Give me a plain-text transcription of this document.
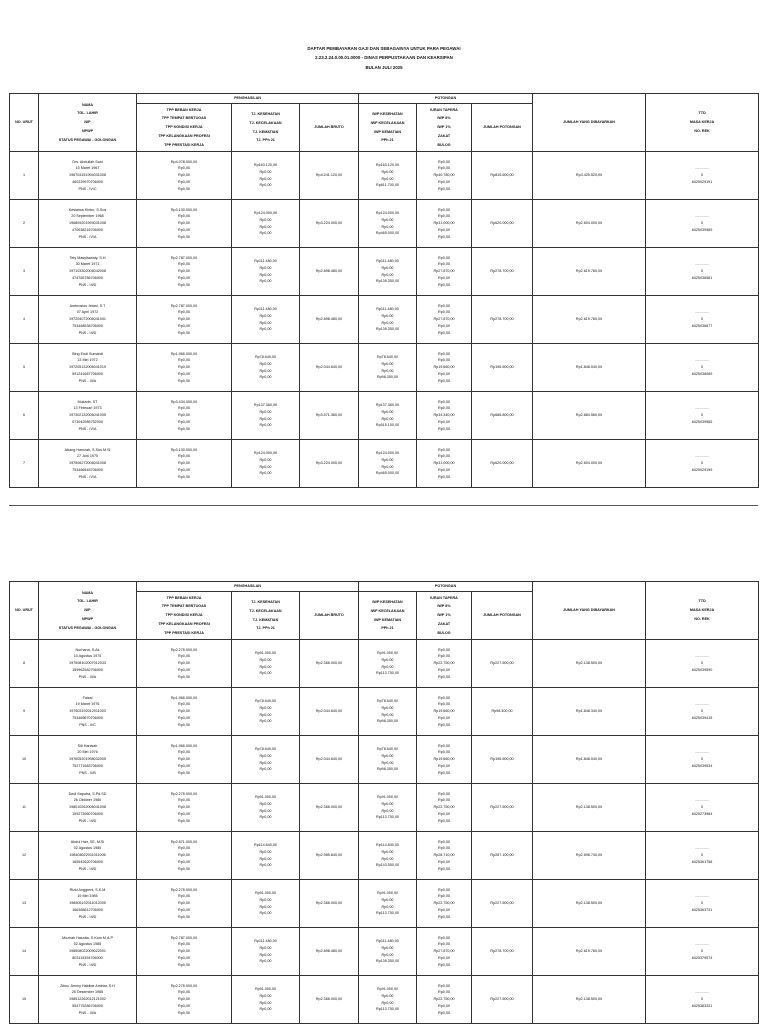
DAFTAR PEMBAYARAN GAJI DAN SEBAGAINYA UNTUK PARA PEGAWAI
2.23.2.24.0.00.01.0000 - DINAS PERPUSTAKAAN DAN KEARSIPAN
BULAN JULI 2025
NO. URUT	NAMA
TGL. LAHIR
NIP
NPWP
STATUS PEGAWAI - GOLONGAN	PENGHASILAN			POTONGAN			JUMLAH YANG DIBAYARKAN	TTD
MASA KERJA
NO. REK

		TPP BEBAN KERJA
TPP TEMPAT BERTUGAS
TPP KONDISI KERJA
TPP KELANGKAAN PROFESI
TPP PRESTASI KERJA	TJ. KESEHATAN
TJ. KECELAKAAN
TJ. KEMATIAN
TJ. PPh 21	JUMLAH BRUTO	IWP KESEHATAN
IWP KECELAKAAN
IWP KEMATIAN
PPh 21	IURAN TAPERA
IWP 8%
IWP 1%
ZAKAT
BULOG	JUMLAH POTONGAN		

1	Drs. Abdullah Sani
15 Maret 1967
196703151994031008
460239970706000
PNS - IV/C	Rp4.078.000,00
Rp0,00
Rp0,00
Rp0,00
Rp0,00	Rp163.120,00
Rp0,00
Rp0,00
Rp0,00	Rp4.241.120,00	Rp163.120,00
Rp0,00
Rp0,00
Rp611.700,00	Rp0,00
Rp0,00
Rp40.780,00
Rp0,00
Rp0,00	Rp815.600,00	Rp3.425.520,00	..............
0
6025029191

2	Kesianus Kinbo, S.Sos
20 September 1968
196809201993031008
470938216706000
PNS - IV/A	Rp3.100.000,00
Rp0,00
Rp0,00
Rp0,00
Rp0,00	Rp124.000,00
Rp0,00
Rp0,00
Rp0,00	Rp3.224.000,00	Rp124.000,00
Rp0,00
Rp0,00
Rp465.000,00	Rp0,00
Rp0,00
Rp31.000,00
Rp0,00
Rp0,00	Rp620.000,00	Rp2.604.000,00	..............
0
6025039989

3	Tety Masyitawaty, S.H
30 Maret 1971
197103302006042008
474765786706000
PNS - III/D	Rp2.787.000,00
Rp0,00
Rp0,00
Rp0,00
Rp0,00	Rp111.480,00
Rp0,00
Rp0,00
Rp0,00	Rp2.898.480,00	Rp111.480,00
Rp0,00
Rp0,00
Rp139.350,00	Rp0,00
Rp0,00
Rp27.870,00
Rp0,00
Rp0,00	Rp278.700,00	Rp2.619.780,00	..............
0
6025036581

4	Ambrosius Jelani, S.T
07 April 1972
197204072006041001
753468538706000
PNS - III/D	Rp2.787.000,00
Rp0,00
Rp0,00
Rp0,00
Rp0,00	Rp111.480,00
Rp0,00
Rp0,00
Rp0,00	Rp2.898.480,00	Rp111.480,00
Rp0,00
Rp0,00
Rp139.350,00	Rp0,00
Rp0,00
Rp27.870,00
Rp0,00
Rp0,00	Rp278.700,00	Rp2.619.780,00	..............
0
6025036677

5	Bing Endi Sumardi
13 Mei 1972
197205132006041019
591241687706000
PNS - III/A	Rp1.966.000,00
Rp0,00
Rp0,00
Rp0,00
Rp0,00	Rp78.640,00
Rp0,00
Rp0,00
Rp0,00	Rp2.044.640,00	Rp78.640,00
Rp0,00
Rp0,00
Rp98.300,00	Rp0,00
Rp0,00
Rp19.660,00
Rp0,00
Rp0,00	Rp196.600,00	Rp1.848.040,00	..............
0
6025038089

6	Mukarib, ST
13 Februari 1973
197302132006041005
073042985752000
PNS - IV/A	Rp3.434.000,00
Rp0,00
Rp0,00
Rp0,00
Rp0,00	Rp137.360,00
Rp0,00
Rp0,00
Rp0,00	Rp3.571.360,00	Rp137.360,00
Rp0,00
Rp0,00
Rp515.100,00	Rp0,00
Rp0,00
Rp34.340,00
Rp0,00
Rp0,00	Rp686.800,00	Rp2.884.560,00	..............
0
6025039965

7	Abang Hamzah, S.Sos.M.Si
27 Juni 1975
197506272006041008
753466545706000
PNS - IV/A	Rp3.100.000,00
Rp0,00
Rp0,00
Rp0,00
Rp0,00	Rp124.000,00
Rp0,00
Rp0,00
Rp0,00	Rp3.224.000,00	Rp124.000,00
Rp0,00
Rp0,00
Rp465.000,00	Rp0,00
Rp0,00
Rp31.000,00
Rp0,00
Rp0,00	Rp620.000,00	Rp2.604.000,00	..............
0
6025029199
NO. URUT	NAMA
TGL. LAHIR
NIP
NPWP
STATUS PEGAWAI - GOLONGAN	PENGHASILAN			POTONGAN			JUMLAH YANG DIBAYARKAN	TTD
MASA KERJA
NO. REK

		TPP BEBAN KERJA
TPP TEMPAT BERTUGAS
TPP KONDISI KERJA
TPP KELANGKAAN PROFESI
TPP PRESTASI KERJA	TJ. KESEHATAN
TJ. KECELAKAAN
TJ. KEMATIAN
TJ. PPh 21	JUMLAH BRUTO	IWP KESEHATAN
IWP KECELAKAAN
IWP KEMATIAN
PPh 21	IURAN TAPERA
IWP 8%
IWP 1%
ZAKAT
BULOG	JUMLAH POTONGAN		

8	Nurhana, S.Ak
10 Agustus 1975
197508102007012033
159962582706000
PNS - III/A	Rp2.275.000,00
Rp0,00
Rp0,00
Rp0,00
Rp0,00	Rp91.000,00
Rp0,00
Rp0,00
Rp0,00	Rp2.366.000,00	Rp91.000,00
Rp0,00
Rp0,00
Rp113.750,00	Rp0,00
Rp0,00
Rp22.750,00
Rp0,00
Rp0,00	Rp227.500,00	Rp2.138.500,00	..............
0
6025039590

9	Faizal
19 Maret 1976
197603192012011003
753469670706000
PNS - II/C	Rp1.966.000,00
Rp0,00
Rp0,00
Rp0,00
Rp0,00	Rp78.640,00
Rp0,00
Rp0,00
Rp0,00	Rp2.044.640,00	Rp78.640,00
Rp0,00
Rp0,00
Rp98.300,00	Rp0,00
Rp0,00
Rp19.660,00
Rp0,00
Rp0,00	Rp98.300,00	Rp1.848.340,00	..............
0
6025039415

10	Siti Hanisah
20 Mei 1976
197605201998032005
752771683706000
PNS - II/B	Rp1.966.000,00
Rp0,00
Rp0,00
Rp0,00
Rp0,00	Rp78.640,00
Rp0,00
Rp0,00
Rp0,00	Rp2.044.640,00	Rp78.640,00
Rp0,00
Rp0,00
Rp98.300,00	Rp0,00
Rp0,00
Rp19.660,00
Rp0,00
Rp0,00	Rp196.600,00	Rp1.848.040,00	..............
0
6025039534

11	Dedi Saputra, S.Pd.SD
26 Oktober 1980
198010262006041008
159273960706000
PNS - III/D	Rp2.275.000,00
Rp0,00
Rp0,00
Rp0,00
Rp0,00	Rp91.000,00
Rp0,00
Rp0,00
Rp0,00	Rp2.366.000,00	Rp91.000,00
Rp0,00
Rp0,00
Rp113.750,00	Rp0,00
Rp0,00
Rp22.750,00
Rp0,00
Rp0,00	Rp227.500,00	Rp2.138.500,00	..............
0
6025273984

12	Abdul Hair, SE, M.Si
02 Agustus 1985
198408022011011006
165542620706000
PNS - III/D	Rp2.871.000,00
Rp0,00
Rp0,00
Rp0,00
Rp0,00	Rp114.840,00
Rp0,00
Rp0,00
Rp0,00	Rp2.985.840,00	Rp114.840,00
Rp0,00
Rp0,00
Rp143.550,00	Rp0,00
Rp0,00
Rp28.710,00
Rp0,00
Rp0,00	Rp287.100,00	Rp2.698.740,00	..............
0
6025361758

13	Rizki Anggreni, S.K.M
19 Mei 1985
198505192011012005
166368612706000
PNS - III/D	Rp2.275.000,00
Rp0,00
Rp0,00
Rp0,00
Rp0,00	Rp91.000,00
Rp0,00
Rp0,00
Rp0,00	Rp2.366.000,00	Rp91.000,00
Rp0,00
Rp0,00
Rp113.750,00	Rp0,00
Rp0,00
Rp22.750,00
Rp0,00
Rp0,00	Rp227.500,00	Rp2.138.500,00	..............
0
6025363731

14	Muzirah Hasnita, S.Kom.M.A.P
02 Agustus 1985
198508022009022001
803119394706000
PNS - III/D	Rp2.787.000,00
Rp0,00
Rp0,00
Rp0,00
Rp0,00	Rp111.480,00
Rp0,00
Rp0,00
Rp0,00	Rp2.898.480,00	Rp111.480,00
Rp0,00
Rp0,00
Rp139.350,00	Rp0,00
Rp0,00
Rp27.870,00
Rp0,00
Rp0,00	Rp278.700,00	Rp2.619.780,00	..............
0
6025379074

15	Zibnu Jimmy Habibie Ambiar, S.H
26 Desember 1985
198512262012121002
554775286706000
PNS - III/A	Rp2.275.000,00
Rp0,00
Rp0,00
Rp0,00
Rp0,00	Rp91.000,00
Rp0,00
Rp0,00
Rp0,00	Rp2.366.000,00	Rp91.000,00
Rp0,00
Rp0,00
Rp113.750,00	Rp0,00
Rp0,00
Rp22.750,00
Rp0,00
Rp0,00	Rp227.500,00	Rp2.138.500,00	..............
0
6025383331
